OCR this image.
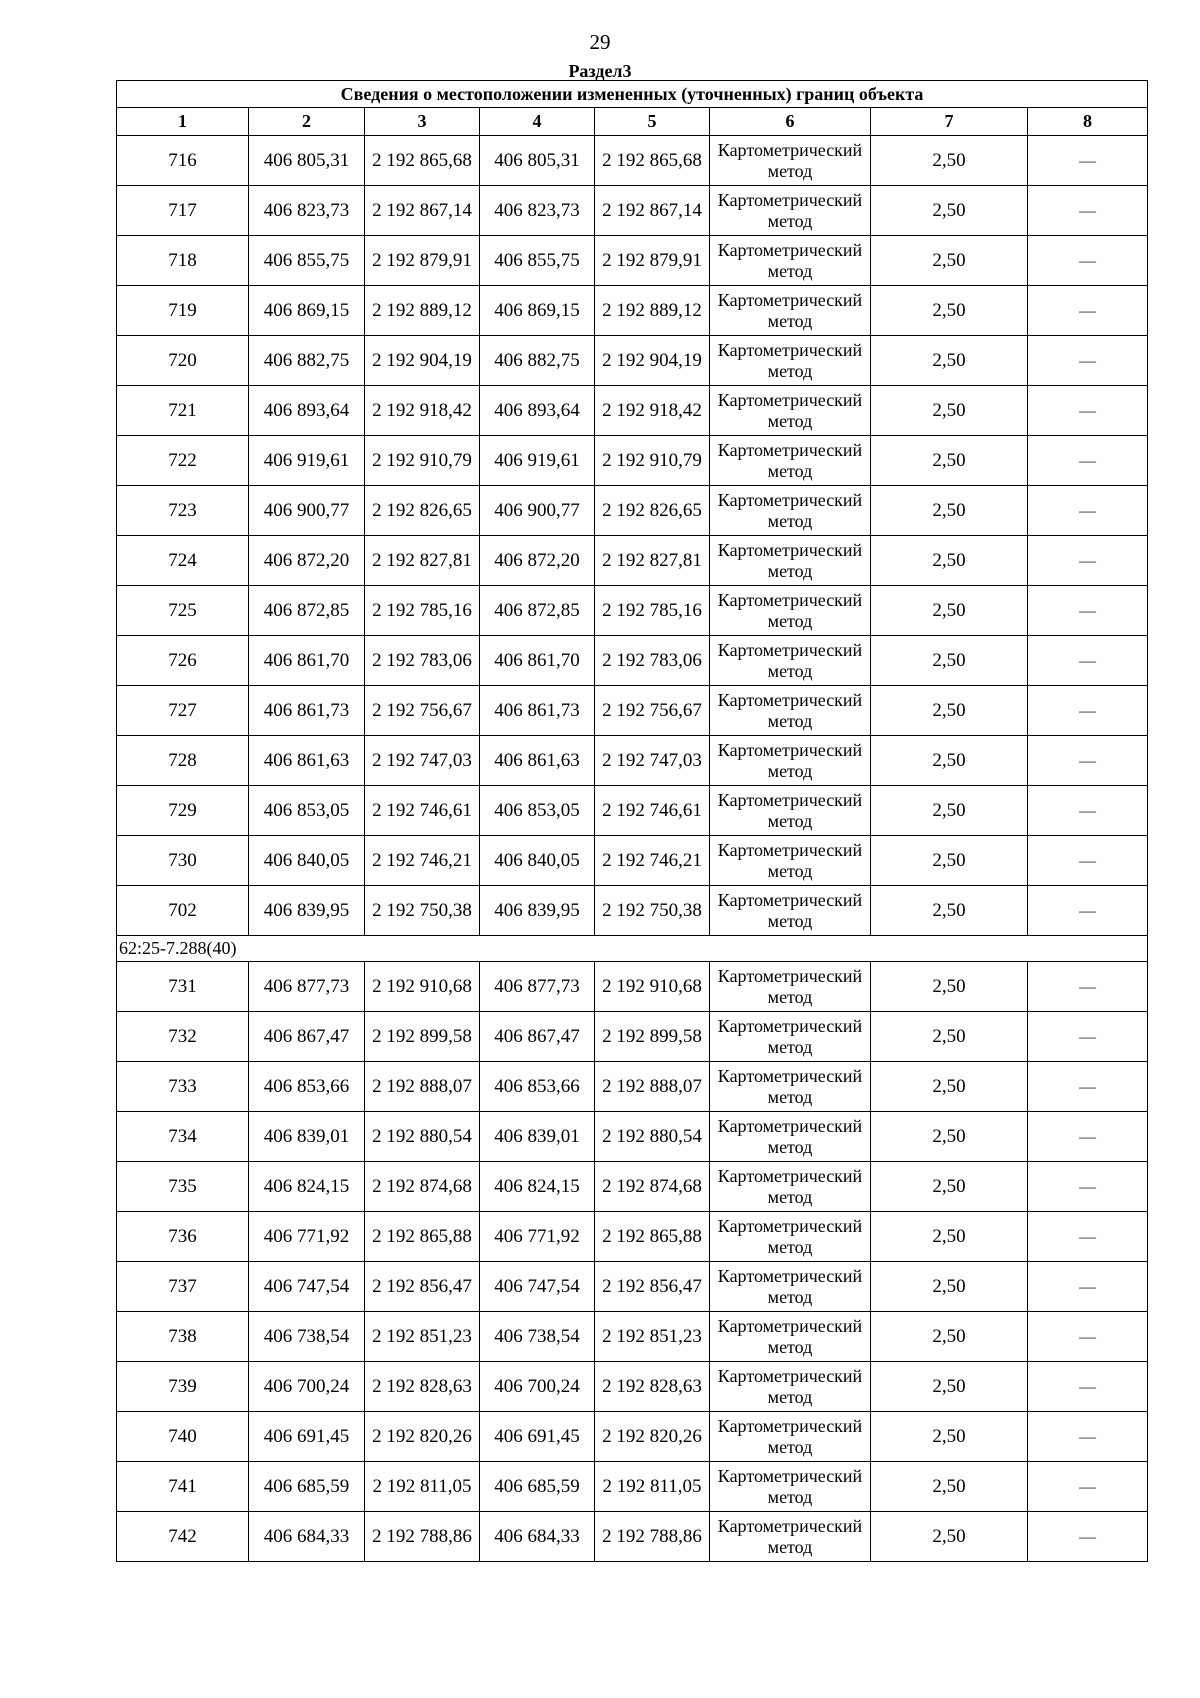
29
Раздел3
Сведения о местоположении измененных (уточненных) границ объекта							
1	2	3	4	5	6	7	8
716	406 805,31	2 192 865,68	406 805,31	2 192 865,68	Картометрический метод	2,50	—
717	406 823,73	2 192 867,14	406 823,73	2 192 867,14	Картометрический метод	2,50	—
718	406 855,75	2 192 879,91	406 855,75	2 192 879,91	Картометрический метод	2,50	—
719	406 869,15	2 192 889,12	406 869,15	2 192 889,12	Картометрический метод	2,50	—
720	406 882,75	2 192 904,19	406 882,75	2 192 904,19	Картометрический метод	2,50	—
721	406 893,64	2 192 918,42	406 893,64	2 192 918,42	Картометрический метод	2,50	—
722	406 919,61	2 192 910,79	406 919,61	2 192 910,79	Картометрический метод	2,50	—
723	406 900,77	2 192 826,65	406 900,77	2 192 826,65	Картометрический метод	2,50	—
724	406 872,20	2 192 827,81	406 872,20	2 192 827,81	Картометрический метод	2,50	—
725	406 872,85	2 192 785,16	406 872,85	2 192 785,16	Картометрический метод	2,50	—
726	406 861,70	2 192 783,06	406 861,70	2 192 783,06	Картометрический метод	2,50	—
727	406 861,73	2 192 756,67	406 861,73	2 192 756,67	Картометрический метод	2,50	—
728	406 861,63	2 192 747,03	406 861,63	2 192 747,03	Картометрический метод	2,50	—
729	406 853,05	2 192 746,61	406 853,05	2 192 746,61	Картометрический метод	2,50	—
730	406 840,05	2 192 746,21	406 840,05	2 192 746,21	Картометрический метод	2,50	—
702	406 839,95	2 192 750,38	406 839,95	2 192 750,38	Картометрический метод	2,50	—
62:25-7.288(40)							
731	406 877,73	2 192 910,68	406 877,73	2 192 910,68	Картометрический метод	2,50	—
732	406 867,47	2 192 899,58	406 867,47	2 192 899,58	Картометрический метод	2,50	—
733	406 853,66	2 192 888,07	406 853,66	2 192 888,07	Картометрический метод	2,50	—
734	406 839,01	2 192 880,54	406 839,01	2 192 880,54	Картометрический метод	2,50	—
735	406 824,15	2 192 874,68	406 824,15	2 192 874,68	Картометрический метод	2,50	—
736	406 771,92	2 192 865,88	406 771,92	2 192 865,88	Картометрический метод	2,50	—
737	406 747,54	2 192 856,47	406 747,54	2 192 856,47	Картометрический метод	2,50	—
738	406 738,54	2 192 851,23	406 738,54	2 192 851,23	Картометрический метод	2,50	—
739	406 700,24	2 192 828,63	406 700,24	2 192 828,63	Картометрический метод	2,50	—
740	406 691,45	2 192 820,26	406 691,45	2 192 820,26	Картометрический метод	2,50	—
741	406 685,59	2 192 811,05	406 685,59	2 192 811,05	Картометрический метод	2,50	—
742	406 684,33	2 192 788,86	406 684,33	2 192 788,86	Картометрический метод	2,50	—
